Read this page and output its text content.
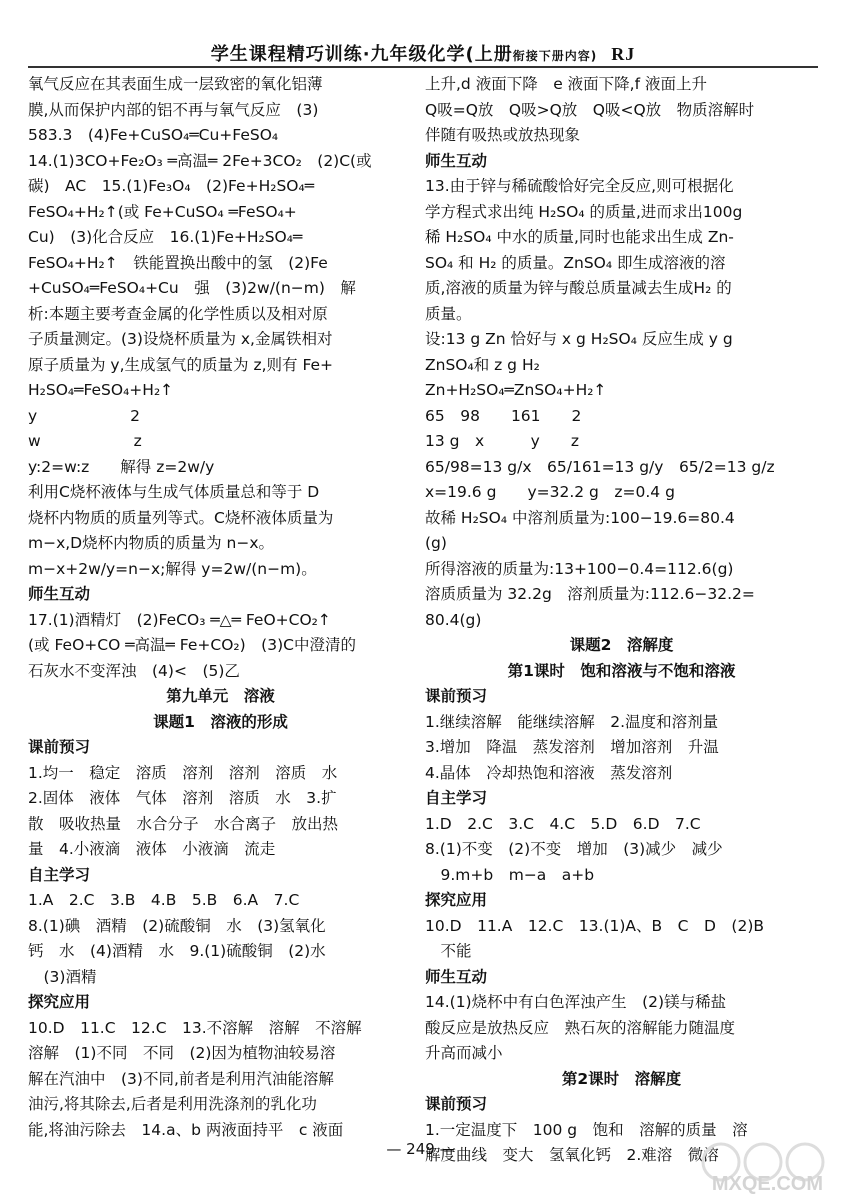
学生课程精巧训练·九年级化学(上册衔接下册内容) RJ

氧气反应在其表面生成一层致密的氧化铝薄

膜,从而保护内部的铝不再与氧气反应　(3)

583.3　(4)Fe+CuSO₄═Cu+FeSO₄

14.(1)3CO+Fe₂O₃ ═高温═ 2Fe+3CO₂　(2)C(或

碳)　AC　15.(1)Fe₃O₄　(2)Fe+H₂SO₄═

FeSO₄+H₂↑(或 Fe+CuSO₄ ═FeSO₄+

Cu)　(3)化合反应　16.(1)Fe+H₂SO₄═

FeSO₄+H₂↑　铁能置换出酸中的氢　(2)Fe

+CuSO₄═FeSO₄+Cu　强　(3)2w/(n−m)　解

析:本题主要考查金属的化学性质以及相对原

子质量测定。(3)设烧杯质量为 x,金属铁相对

原子质量为 y,生成氢气的质量为 z,则有 Fe+

H₂SO₄═FeSO₄+H₂↑

y　　　　　　2

w　　　　　　z

y:2=w:z　　解得 z=2w/y

利用C烧杯液体与生成气体质量总和等于 D

烧杯内物质的质量列等式。C烧杯液体质量为

m−x,D烧杯内物质的质量为 n−x。

m−x+2w/y=n−x;解得 y=2w/(n−m)。

师生互动

17.(1)酒精灯　(2)FeCO₃ ═△═ FeO+CO₂↑

(或 FeO+CO ═高温═ Fe+CO₂)　(3)C中澄清的

石灰水不变浑浊　(4)<　(5)乙

第九单元　溶液

课题1　溶液的形成

课前预习

1.均一　稳定　溶质　溶剂　溶剂　溶质　水

2.固体　液体　气体　溶剂　溶质　水　3.扩

散　吸收热量　水合分子　水合离子　放出热

量　4.小液滴　液体　小液滴　流走

自主学习

1.A　2.C　3.B　4.B　5.B　6.A　7.C

8.(1)碘　酒精　(2)硫酸铜　水　(3)氢氧化

钙　水　(4)酒精　水　9.(1)硫酸铜　(2)水

　(3)酒精

探究应用

10.D　11.C　12.C　13.不溶解　溶解　不溶解

溶解　(1)不同　不同　(2)因为植物油较易溶

解在汽油中　(3)不同,前者是利用汽油能溶解

油污,将其除去,后者是利用洗涤剂的乳化功

能,将油污除去　14.a、b 两液面持平　c 液面

上升,d 液面下降　e 液面下降,f 液面上升

Q吸=Q放　Q吸>Q放　Q吸<Q放　物质溶解时

伴随有吸热或放热现象

师生互动

13.由于锌与稀硫酸恰好完全反应,则可根据化

学方程式求出纯 H₂SO₄ 的质量,进而求出100g

稀 H₂SO₄ 中水的质量,同时也能求出生成 Zn-

SO₄ 和 H₂ 的质量。ZnSO₄ 即生成溶液的溶

质,溶液的质量为锌与酸总质量减去生成H₂ 的

质量。

设:13 g Zn 恰好与 x g H₂SO₄ 反应生成 y g

ZnSO₄和 z g H₂

Zn+H₂SO₄═ZnSO₄+H₂↑

65　98　　161　　2

13 g　x　　　y　　z

65/98=13 g/x　65/161=13 g/y　65/2=13 g/z

x=19.6 g　　y=32.2 g　z=0.4 g

故稀 H₂SO₄ 中溶剂质量为:100−19.6=80.4

(g)

所得溶液的质量为:13+100−0.4=112.6(g)

溶质质量为 32.2g　溶剂质量为:112.6−32.2=

80.4(g)

课题2　溶解度

第1课时　饱和溶液与不饱和溶液

课前预习

1.继续溶解　能继续溶解　2.温度和溶剂量

3.增加　降温　蒸发溶剂　增加溶剂　升温

4.晶体　冷却热饱和溶液　蒸发溶剂

自主学习

1.D　2.C　3.C　4.C　5.D　6.D　7.C

8.(1)不变　(2)不变　增加　(3)减少　减少

　9.m+b　m−a　a+b

探究应用

10.D　11.A　12.C　13.(1)A、B　C　D　(2)B

　不能

师生互动

14.(1)烧杯中有白色浑浊产生　(2)镁与稀盐

酸反应是放热反应　熟石灰的溶解能力随温度

升高而减小

第2课时　溶解度

课前预习

1.一定温度下　100 g　饱和　溶解的质量　溶

解度曲线　变大　氢氧化钙　2.难溶　微溶

— 249 —
MXQE.COM
